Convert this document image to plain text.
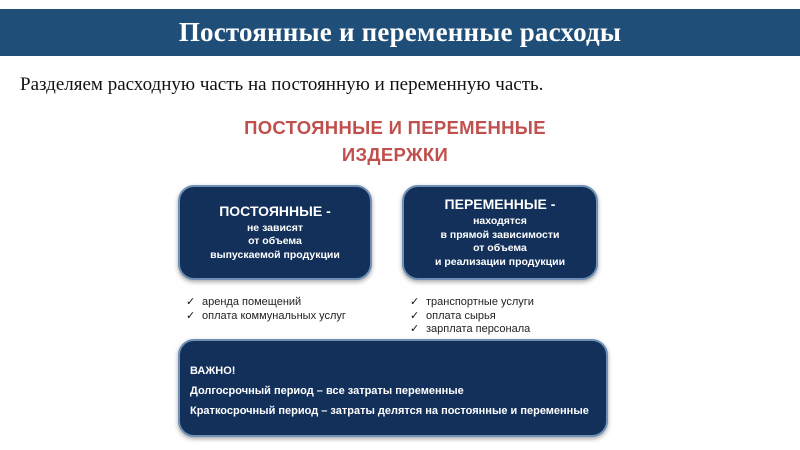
Постоянные и переменные расходы
Разделяем расходную часть на постоянную и переменную часть.
ПОСТОЯННЫЕ И ПЕРЕМЕННЫЕ
ИЗДЕРЖКИ
ПОСТОЯННЫЕ -
не зависят
от объема
выпускаемой продукции
ПЕРЕМЕННЫЕ -
находятся
в прямой зависимости
от объема
и реализации продукции
✓ аренда помещений
✓ оплата коммунальных услуг
✓ транспортные услуги
✓ оплата сырья
✓ зарплата персонала
ВАЖНО!
Долгосрочный период – все затраты переменные
Краткосрочный период – затраты делятся на постоянные и переменные
